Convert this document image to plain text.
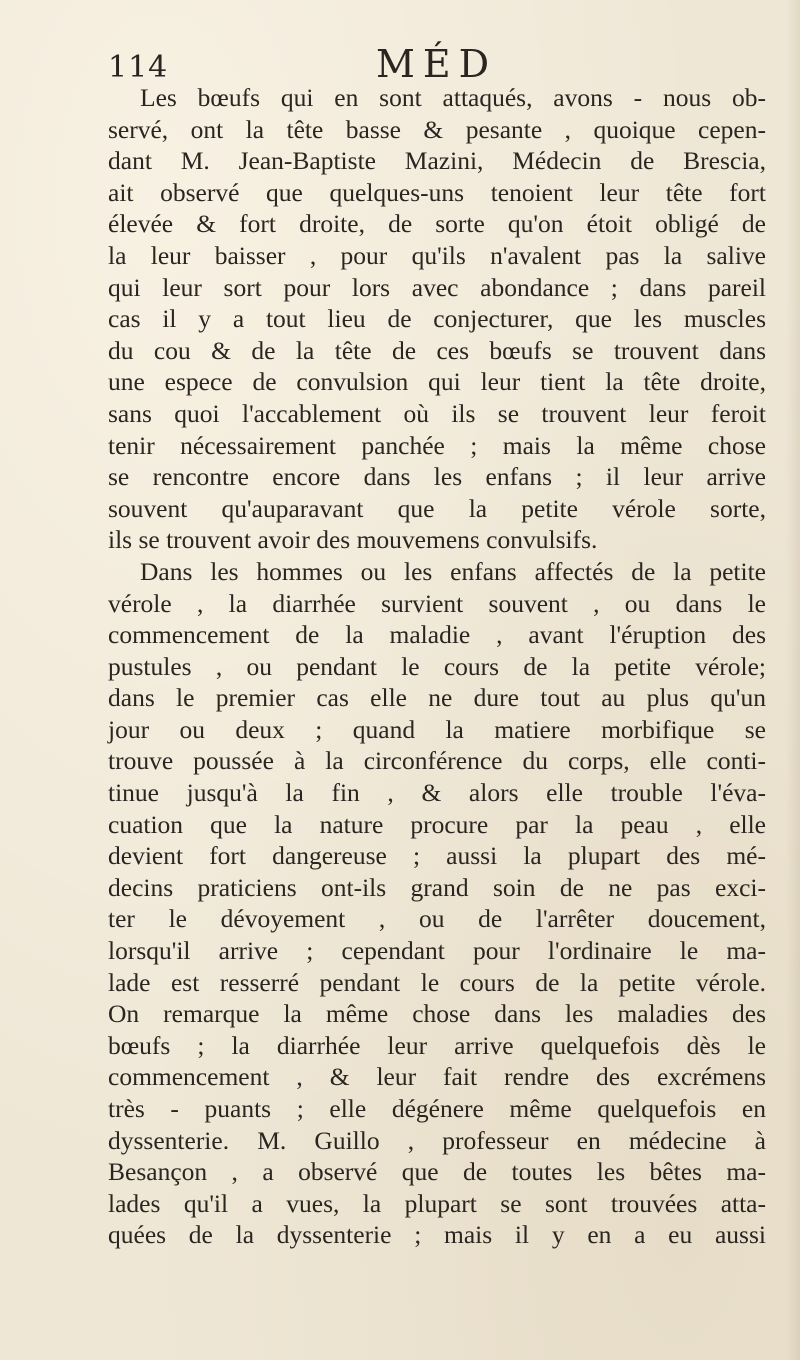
114	MÉD
Les bœufs qui en sont attaqués, avons - nous ob-
servé, ont la tête basse & pesante , quoique cepen-
dant M. Jean-Baptiste Mazini, Médecin de Brescia,
ait observé que quelques-uns tenoient leur tête fort
élevée & fort droite, de sorte qu'on étoit obligé de
la leur baisser , pour qu'ils n'avalent pas la salive
qui leur sort pour lors avec abondance ; dans pareil
cas il y a tout lieu de conjecturer, que les muscles
du cou & de la tête de ces bœufs se trouvent dans
une espece de convulsion qui leur tient la tête droite,
sans quoi l'accablement où ils se trouvent leur feroit
tenir nécessairement panchée ; mais la même chose
se rencontre encore dans les enfans ; il leur arrive
souvent qu'auparavant que la petite vérole sorte,
ils se trouvent avoir des mouvemens convulsifs.
Dans les hommes ou les enfans affectés de la petite
vérole , la diarrhée survient souvent , ou dans le
commencement de la maladie , avant l'éruption des
pustules , ou pendant le cours de la petite vérole;
dans le premier cas elle ne dure tout au plus qu'un
jour ou deux ; quand la matiere morbifique se
trouve poussée à la circonférence du corps, elle conti-
tinue jusqu'à la fin , & alors elle trouble l'éva-
cuation que la nature procure par la peau , elle
devient fort dangereuse ; aussi la plupart des mé-
decins praticiens ont-ils grand soin de ne pas exci-
ter le dévoyement , ou de l'arrêter doucement,
lorsqu'il arrive ; cependant pour l'ordinaire le ma-
lade est resserré pendant le cours de la petite vérole.
On remarque la même chose dans les maladies des
bœufs ; la diarrhée leur arrive quelquefois dès le
commencement , & leur fait rendre des excrémens
très - puants ; elle dégénere même quelquefois en
dyssenterie. M. Guillo , professeur en médecine à
Besançon , a observé que de toutes les bêtes ma-
lades qu'il a vues, la plupart se sont trouvées atta-
quées de la dyssenterie ; mais il y en a eu aussi
